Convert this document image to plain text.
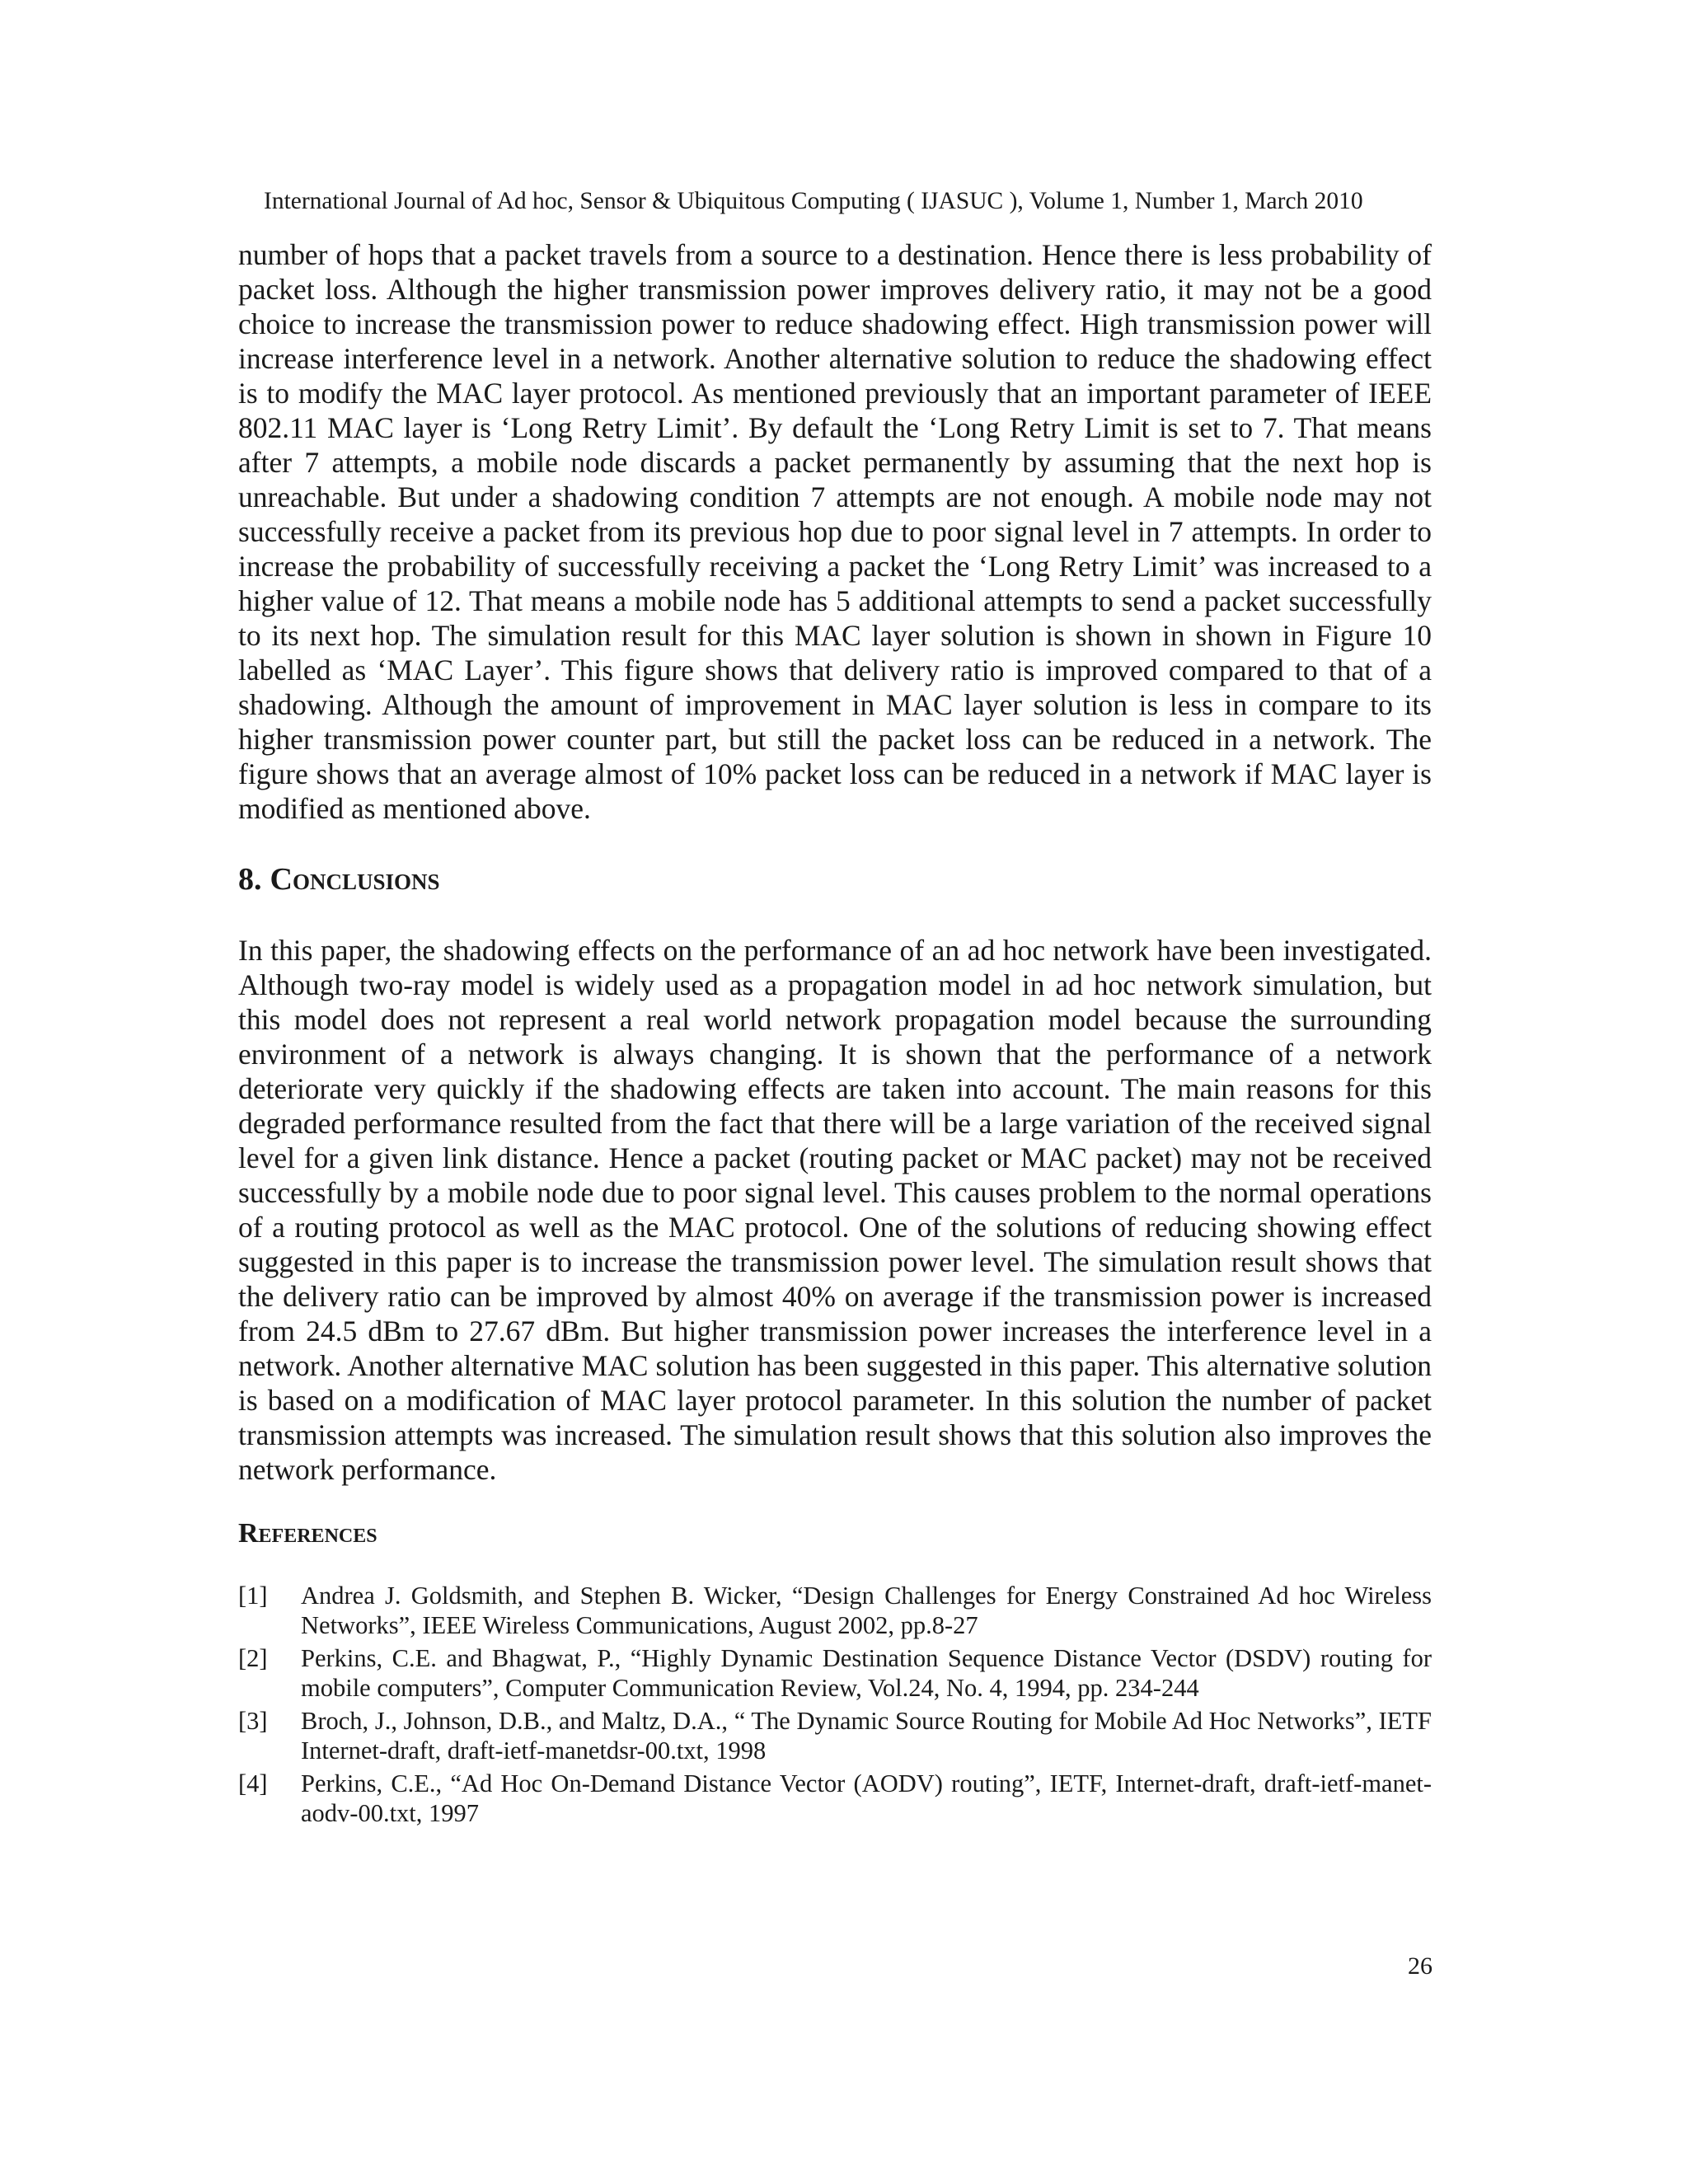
International Journal of Ad hoc, Sensor & Ubiquitous Computing ( IJASUC ), Volume 1, Number 1, March 2010

number of hops that a packet travels from a source to a destination. Hence there is less probability of packet loss. Although the higher transmission power improves delivery ratio, it may not be a good choice to increase the transmission power to reduce shadowing effect. High transmission power will increase interference level in a network. Another alternative solution to reduce the shadowing effect is to modify the MAC layer protocol. As mentioned previously that an important parameter of IEEE 802.11 MAC layer is ‘Long Retry Limit’. By default the ‘Long Retry Limit is set to 7. That means after 7 attempts, a mobile node discards a packet permanently by assuming that the next hop is unreachable. But under a shadowing condition 7 attempts are not enough. A mobile node may not successfully receive a packet from its previous hop due to poor signal level in 7 attempts. In order to increase the probability of successfully receiving a packet the ‘Long Retry Limit’ was increased to a higher value of 12. That means a mobile node has 5 additional attempts to send a packet successfully to its next hop. The simulation result for this MAC layer solution is shown in shown in Figure 10 labelled as ‘MAC Layer’. This figure shows that delivery ratio is improved compared to that of a shadowing. Although the amount of improvement in MAC layer solution is less in compare to its higher transmission power counter part, but still the packet loss can be reduced in a network. The figure shows that an average almost of 10% packet loss can be reduced in a network if MAC layer is modified as mentioned above.

8. Conclusions

In this paper, the shadowing effects on the performance of an ad hoc network have been investigated. Although two-ray model is widely used as a propagation model in ad hoc network simulation, but this model does not represent a real world network propagation model because the surrounding environment of a network is always changing. It is shown that the performance of a network deteriorate very quickly if the shadowing effects are taken into account. The main reasons for this degraded performance resulted from the fact that there will be a large variation of the received signal level for a given link distance. Hence a packet (routing packet or MAC packet) may not be received successfully by a mobile node due to poor signal level. This causes problem to the normal operations of a routing protocol as well as the MAC protocol. One of the solutions of reducing showing effect suggested in this paper is to increase the transmission power level. The simulation result shows that the delivery ratio can be improved by almost 40% on average if the transmission power is increased from 24.5 dBm to 27.67 dBm. But higher transmission power increases the interference level in a network. Another alternative MAC solution has been suggested in this paper. This alternative solution is based on a modification of MAC layer protocol parameter. In this solution the number of packet transmission attempts was increased. The simulation result shows that this solution also improves the network performance.

References
[1]	Andrea J. Goldsmith, and Stephen B. Wicker, “Design Challenges for Energy Constrained Ad hoc Wireless Networks”, IEEE Wireless Communications, August 2002, pp.8-27
[2]	Perkins, C.E. and Bhagwat, P., “Highly Dynamic Destination Sequence Distance Vector (DSDV) routing for mobile computers”, Computer Communication Review, Vol.24, No. 4, 1994, pp. 234-244
[3]	Broch, J., Johnson, D.B., and Maltz, D.A., “ The Dynamic Source Routing for Mobile Ad Hoc Networks”, IETF Internet-draft, draft-ietf-manetdsr-00.txt, 1998
[4]	Perkins, C.E., “Ad Hoc On-Demand Distance Vector (AODV) routing”, IETF, Internet-draft, draft-ietf-manet-aodv-00.txt, 1997
26
